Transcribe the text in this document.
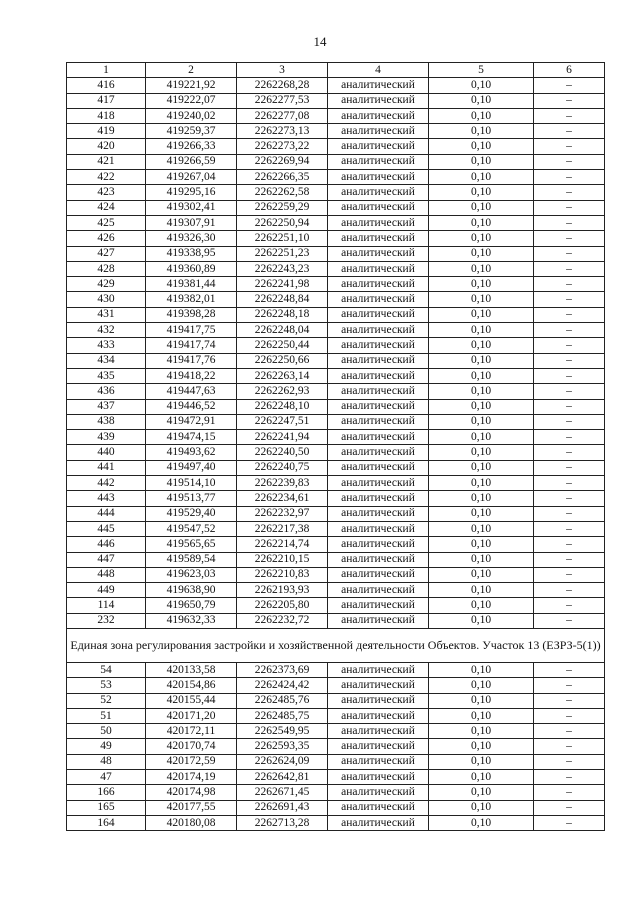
14
1	2	3	4	5	6
416	419221,92	2262268,28	аналитический	0,10	–
417	419222,07	2262277,53	аналитический	0,10	–
418	419240,02	2262277,08	аналитический	0,10	–
419	419259,37	2262273,13	аналитический	0,10	–
420	419266,33	2262273,22	аналитический	0,10	–
421	419266,59	2262269,94	аналитический	0,10	–
422	419267,04	2262266,35	аналитический	0,10	–
423	419295,16	2262262,58	аналитический	0,10	–
424	419302,41	2262259,29	аналитический	0,10	–
425	419307,91	2262250,94	аналитический	0,10	–
426	419326,30	2262251,10	аналитический	0,10	–
427	419338,95	2262251,23	аналитический	0,10	–
428	419360,89	2262243,23	аналитический	0,10	–
429	419381,44	2262241,98	аналитический	0,10	–
430	419382,01	2262248,84	аналитический	0,10	–
431	419398,28	2262248,18	аналитический	0,10	–
432	419417,75	2262248,04	аналитический	0,10	–
433	419417,74	2262250,44	аналитический	0,10	–
434	419417,76	2262250,66	аналитический	0,10	–
435	419418,22	2262263,14	аналитический	0,10	–
436	419447,63	2262262,93	аналитический	0,10	–
437	419446,52	2262248,10	аналитический	0,10	–
438	419472,91	2262247,51	аналитический	0,10	–
439	419474,15	2262241,94	аналитический	0,10	–
440	419493,62	2262240,50	аналитический	0,10	–
441	419497,40	2262240,75	аналитический	0,10	–
442	419514,10	2262239,83	аналитический	0,10	–
443	419513,77	2262234,61	аналитический	0,10	–
444	419529,40	2262232,97	аналитический	0,10	–
445	419547,52	2262217,38	аналитический	0,10	–
446	419565,65	2262214,74	аналитический	0,10	–
447	419589,54	2262210,15	аналитический	0,10	–
448	419623,03	2262210,83	аналитический	0,10	–
449	419638,90	2262193,93	аналитический	0,10	–
114	419650,79	2262205,80	аналитический	0,10	–
232	419632,33	2262232,72	аналитический	0,10	–
Единая зона регулирования застройки и хозяйственной деятельности Объектов. Участок 13 (ЕЗРЗ-5(1))					
54	420133,58	2262373,69	аналитический	0,10	–
53	420154,86	2262424,42	аналитический	0,10	–
52	420155,44	2262485,76	аналитический	0,10	–
51	420171,20	2262485,75	аналитический	0,10	–
50	420172,11	2262549,95	аналитический	0,10	–
49	420170,74	2262593,35	аналитический	0,10	–
48	420172,59	2262624,09	аналитический	0,10	–
47	420174,19	2262642,81	аналитический	0,10	–
166	420174,98	2262671,45	аналитический	0,10	–
165	420177,55	2262691,43	аналитический	0,10	–
164	420180,08	2262713,28	аналитический	0,10	–
